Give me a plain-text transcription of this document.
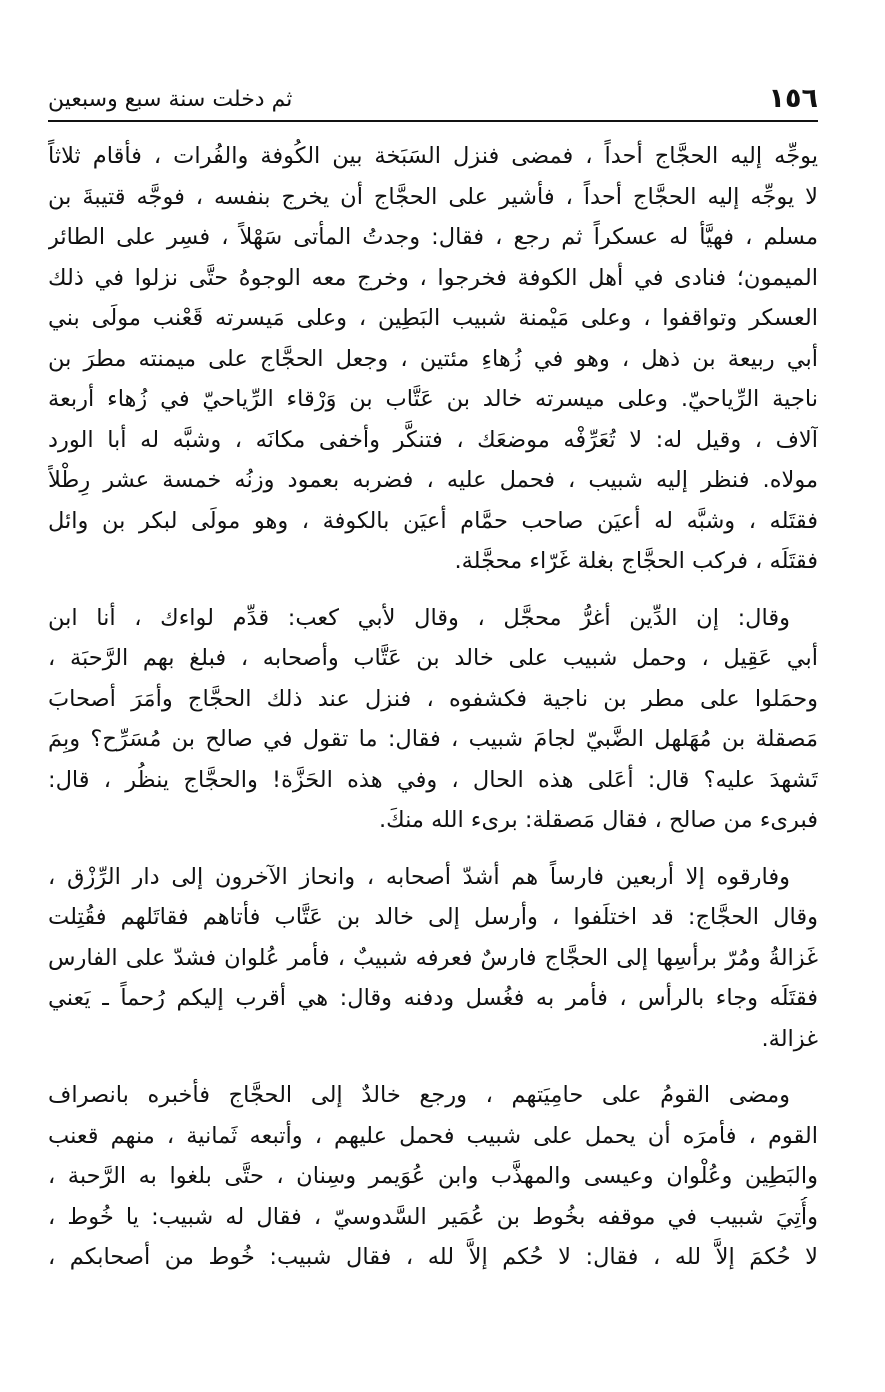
١٥٦
ثم دخلت سنة سبع وسبعين
يوجِّه إليه الحجَّاج أحداً ، فمضى فنزل السَبَخة بين الكُوفة والفُرات ، فأقام ثلاثاً
لا يوجِّه إليه الحجَّاج أحداً ، فأشير على الحجَّاج أن يخرج بنفسه ، فوجَّه قتيبةَ بن
مسلم ، فهيَّأ له عسكراً ثم رجع ، فقال: وجدتُ المأتى سَهْلاً ، فسِر على الطائر
الميمون؛ فنادى في أهل الكوفة فخرجوا ، وخرج معه الوجوهُ حتَّى نزلوا في ذلك
العسكر وتواقفوا ، وعلى مَيْمنة شبيب البَطِين ، وعلى مَيسرته قَعْنب مولَى بني
أبي ربيعة بن ذهل ، وهو في زُهاءِ مئتين ، وجعل الحجَّاج على ميمنته مطرَ بن
ناجية الرِّياحيّ. وعلى ميسرته خالد بن عَتَّاب بن وَرْقاء الرِّياحيّ في زُهاء أربعة
آلاف ، وقيل له: لا تُعَرِّفْه موضعَك ، فتنكَّر وأخفى مكانَه ، وشبَّه له أبا الورد
مولاه. فنظر إليه شبيب ، فحمل عليه ، فضربه بعمود وزنُه خمسة عشر رِطْلاً
فقتَله ، وشبَّه له أعيَن صاحب حمَّام أعيَن بالكوفة ، وهو مولَى لبكر بن وائل
فقتَلَه ، فركب الحجَّاج بغلة غَرّاء محجَّلة.
وقال: إن الدِّين أغرُّ محجَّل ، وقال لأبي كعب: قدِّم لواءك ، أنا ابن
أبي عَقِيل ، وحمل شبيب على خالد بن عَتَّاب وأصحابه ، فبلغ بهم الرَّحبَة ،
وحمَلوا على مطر بن ناجية فكشفوه ، فنزل عند ذلك الحجَّاج وأمَرَ أصحابَ
مَصقلة بن مُهَلهل الضَّبيّ لجامَ شبيب ، فقال: ما تقول في صالح بن مُسَرِّح؟ وبِمَ
تَشهدَ عليه؟ قال: أعَلى هذه الحال ، وفي هذه الحَزَّة! والحجَّاج ينظُر ، قال:
فبرىء من صالح ، فقال مَصقلة: برىء الله منكَ.
وفارقوه إلا أربعين فارساً هم أشدّ أصحابه ، وانحاز الآخرون إلى دار الرِّزْق ،
وقال الحجَّاج: قد اختلَفوا ، وأرسل إلى خالد بن عَتَّاب فأتاهم فقاتَلهم فقُتِلت
غَزالةُ ومُرّ برأسِها إلى الحجَّاج فارسٌ فعرفه شبيبٌ ، فأمر عُلوان فشدّ على الفارس
فقتَلَه وجاء بالرأس ، فأمر به فغُسل ودفنه وقال: هي أقرب إليكم رُحماً ـ يَعني
غزالة.
ومضى القومُ على حامِيَتهم ، ورجع خالدٌ إلى الحجَّاج فأخبره بانصراف
القوم ، فأمرَه أن يحمل على شبيب فحمل عليهم ، وأتبعه ثَمانية ، منهم قعنب
والبَطِين وعُلْوان وعيسى والمهذَّب وابن عُوَيمر وسِنان ، حتَّى بلغوا به الرَّحبة ،
وأُتِيَ شبيب في موقفه بخُوط بن عُمَير السَّدوسيّ ، فقال له شبيب: يا خُوط ،
لا حُكمَ إلاَّ لله ، فقال: لا حُكم إلاَّ لله ، فقال شبيب: خُوط من أصحابكم ،
